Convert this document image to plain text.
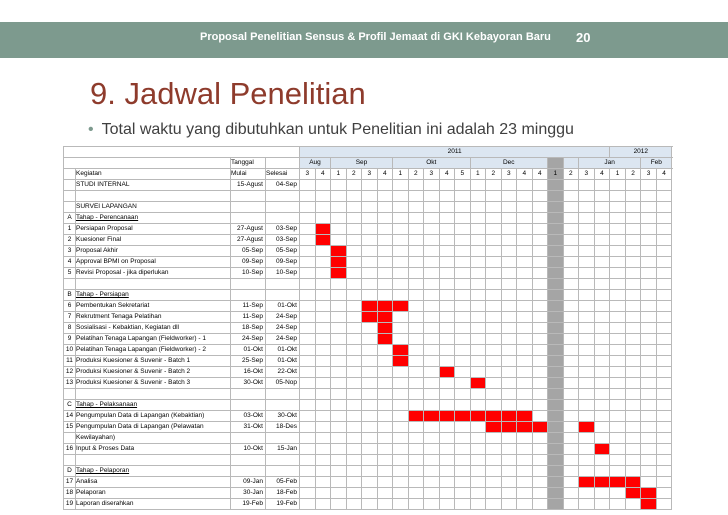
Proposal Penelitian Sensus & Profil Jemaat di GKI Kebayoran Baru 20
9. Jadwal Penelitian
• Total waktu yang dibutuhkan untuk Penelitian ini adalah 23 minggu
				2011																				2012			
		Tanggal		Aug		Sep				Okt					Dec							Jan				Feb	
	Kegiatan	Mulai	Selesai	3	4	1	2	3	4	1	2	3	4	5	1	2	3	4	4	1	2	3	4	1	2	3	4
	STUDI INTERNAL	15-Agust	04-Sep																								

	SURVEI LAPANGAN																										
A	Tahap - Perencanaan																										
1	Persiapan Proposal	27-Agust	03-Sep																								
2	Kuesioner Final	27-Agust	03-Sep																								
3	Proposal Akhir	05-Sep	05-Sep																								
4	Approval BPMI on Proposal	09-Sep	09-Sep																								
5	Revisi Proposal - jika diperlukan	10-Sep	10-Sep																								

B	Tahap - Persiapan																										
6	Pembentukan Sekretariat	11-Sep	01-Okt																								
7	Rekrutment Tenaga Pelatihan	11-Sep	24-Sep																								
8	Sosialisasi - Kebaktian, Kegiatan dll	18-Sep	24-Sep																								
9	Pelatihan Tenaga Lapangan (Fieldworker) - 1	24-Sep	24-Sep																								
10	Pelatihan Tenaga Lapangan (Fieldworker) - 2	01-Okt	01-Okt																								
11	Produksi Kuesioner & Suvenir - Batch 1	25-Sep	01-Okt																								
12	Produksi Kuesioner & Suvenir - Batch 2	16-Okt	22-Okt																								
13	Produksi Kuesioner & Suvenir - Batch 3	30-Okt	05-Nop																								

C	Tahap - Pelaksanaan																										
14	Pengumpulan Data di Lapangan (Kebaktian)	03-Okt	30-Okt																								
15	Pengumpulan Data di Lapangan (Pelawatan	31-Okt	18-Des																								
	Kewilayahan)																										
16	Input & Proses Data	10-Okt	15-Jan																								

D	Tahap - Pelaporan																										
17	Analisa	09-Jan	05-Feb																								
18	Pelaporan	30-Jan	18-Feb																								
19	Laporan diserahkan	19-Feb	19-Feb																								
